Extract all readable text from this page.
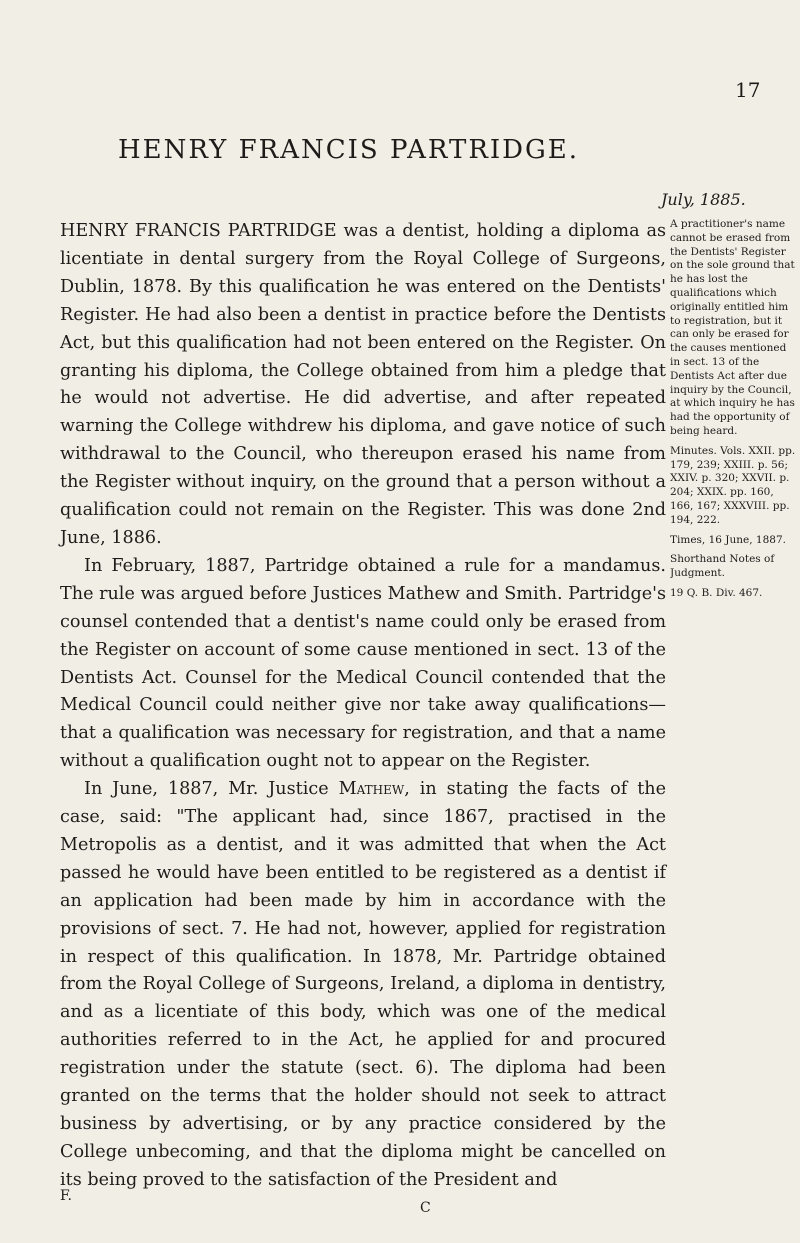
17
HENRY FRANCIS PARTRIDGE.
July, 1885.

HENRY FRANCIS PARTRIDGE was a dentist, holding a diploma as licentiate in dental surgery from the Royal College of Surgeons, Dublin, 1878. By this qualification he was entered on the Dentists' Register. He had also been a dentist in practice before the Dentists Act, but this qualification had not been entered on the Register. On granting his diploma, the College obtained from him a pledge that he would not advertise. He did advertise, and after repeated warning the College withdrew his diploma, and gave notice of such withdrawal to the Council, who thereupon erased his name from the Register without inquiry, on the ground that a person without a qualification could not remain on the Register. This was done 2nd June, 1886.

In February, 1887, Partridge obtained a rule for a mandamus. The rule was argued before Justices Mathew and Smith. Partridge's counsel contended that a dentist's name could only be erased from the Register on account of some cause mentioned in sect. 13 of the Dentists Act. Counsel for the Medical Council contended that the Medical Council could neither give nor take away qualifications—that a qualification was necessary for registration, and that a name without a qualification ought not to appear on the Register.

In June, 1887, Mr. Justice Mathew, in stating the facts of the case, said: "The applicant had, since 1867, practised in the Metropolis as a dentist, and it was admitted that when the Act passed he would have been entitled to be registered as a dentist if an application had been made by him in accordance with the provisions of sect. 7. He had not, however, applied for registration in respect of this qualification. In 1878, Mr. Partridge obtained from the Royal College of Surgeons, Ireland, a diploma in dentistry, and as a licentiate of this body, which was one of the medical authorities referred to in the Act, he applied for and procured registration under the statute (sect. 6). The diploma had been granted on the terms that the holder should not seek to attract business by advertising, or by any practice considered by the College unbecoming, and that the diploma might be cancelled on its being proved to the satisfaction of the President and

A practitioner's name cannot be erased from the Dentists' Register on the sole ground that he has lost the qualifications which originally entitled him to registration, but it can only be erased for the causes mentioned in sect. 13 of the Dentists Act after due inquiry by the Council, at which inquiry he has had the opportunity of being heard.

Minutes. Vols. XXII. pp. 179, 239; XXIII. p. 56; XXIV. p. 320; XXVII. p. 204; XXIX. pp. 160, 166, 167; XXXVIII. pp. 194, 222.

Times, 16 June, 1887.

Shorthand Notes of Judgment.

19 Q. B. Div. 467.

F.
C
